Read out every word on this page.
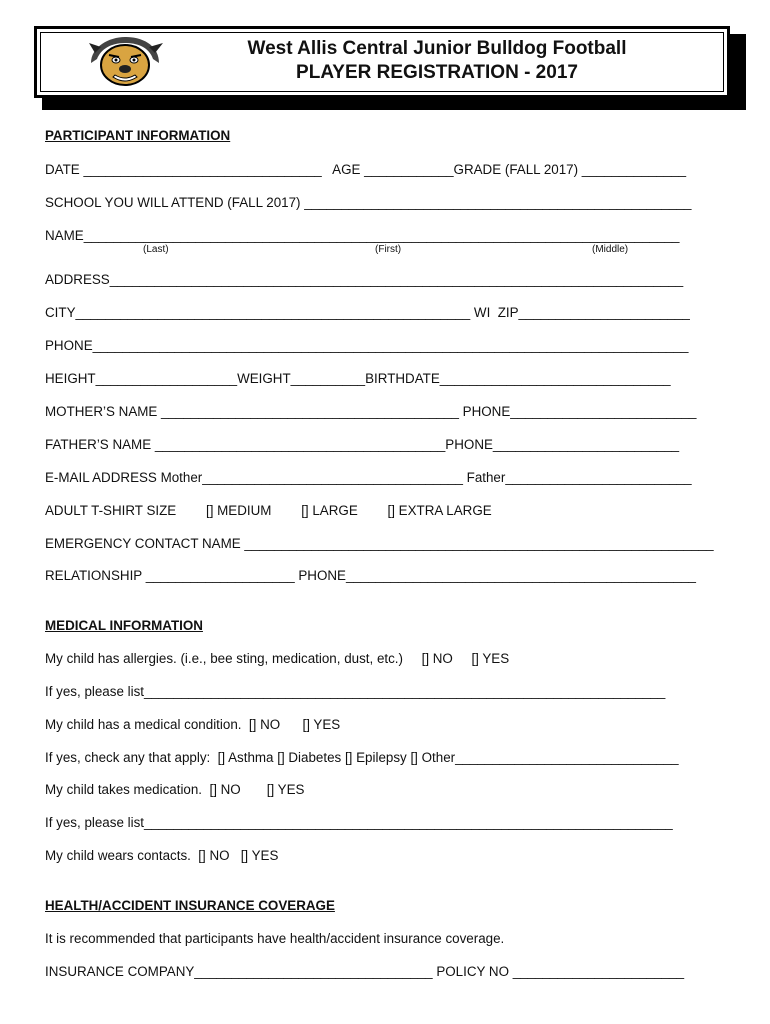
West Allis Central Junior Bulldog Football
PLAYER REGISTRATION - 2017
PARTICIPANT INFORMATION
DATE ________________________________   AGE ____________GRADE (FALL 2017) ______________
SCHOOL YOU WILL ATTEND (FALL 2017) ____________________________________________________
NAME________________________________________________________________________________
(Last)	(First)	(Middle)
ADDRESS_____________________________________________________________________________
CITY_____________________________________________________ WI  ZIP_______________________
PHONE________________________________________________________________________________
HEIGHT___________________WEIGHT__________BIRTHDATE_______________________________
MOTHER’S NAME ________________________________________ PHONE_________________________
FATHER’S NAME _______________________________________PHONE_________________________
E-MAIL ADDRESS Mother___________________________________ Father_________________________
ADULT T-SHIRT SIZE        [] MEDIUM        [] LARGE        [] EXTRA LARGE
EMERGENCY CONTACT NAME _______________________________________________________________
RELATIONSHIP ____________________ PHONE_______________________________________________
MEDICAL INFORMATION
My child has allergies. (i.e., bee sting, medication, dust, etc.)     [] NO     [] YES
If yes, please list______________________________________________________________________
My child has a medical condition.  [] NO      [] YES
If yes, check any that apply:  [] Asthma [] Diabetes [] Epilepsy [] Other______________________________
My child takes medication.  [] NO       [] YES
If yes, please list_______________________________________________________________________
My child wears contacts.  [] NO   [] YES
HEALTH/ACCIDENT INSURANCE COVERAGE
It is recommended that participants have health/accident insurance coverage.
INSURANCE COMPANY________________________________ POLICY NO _______________________
